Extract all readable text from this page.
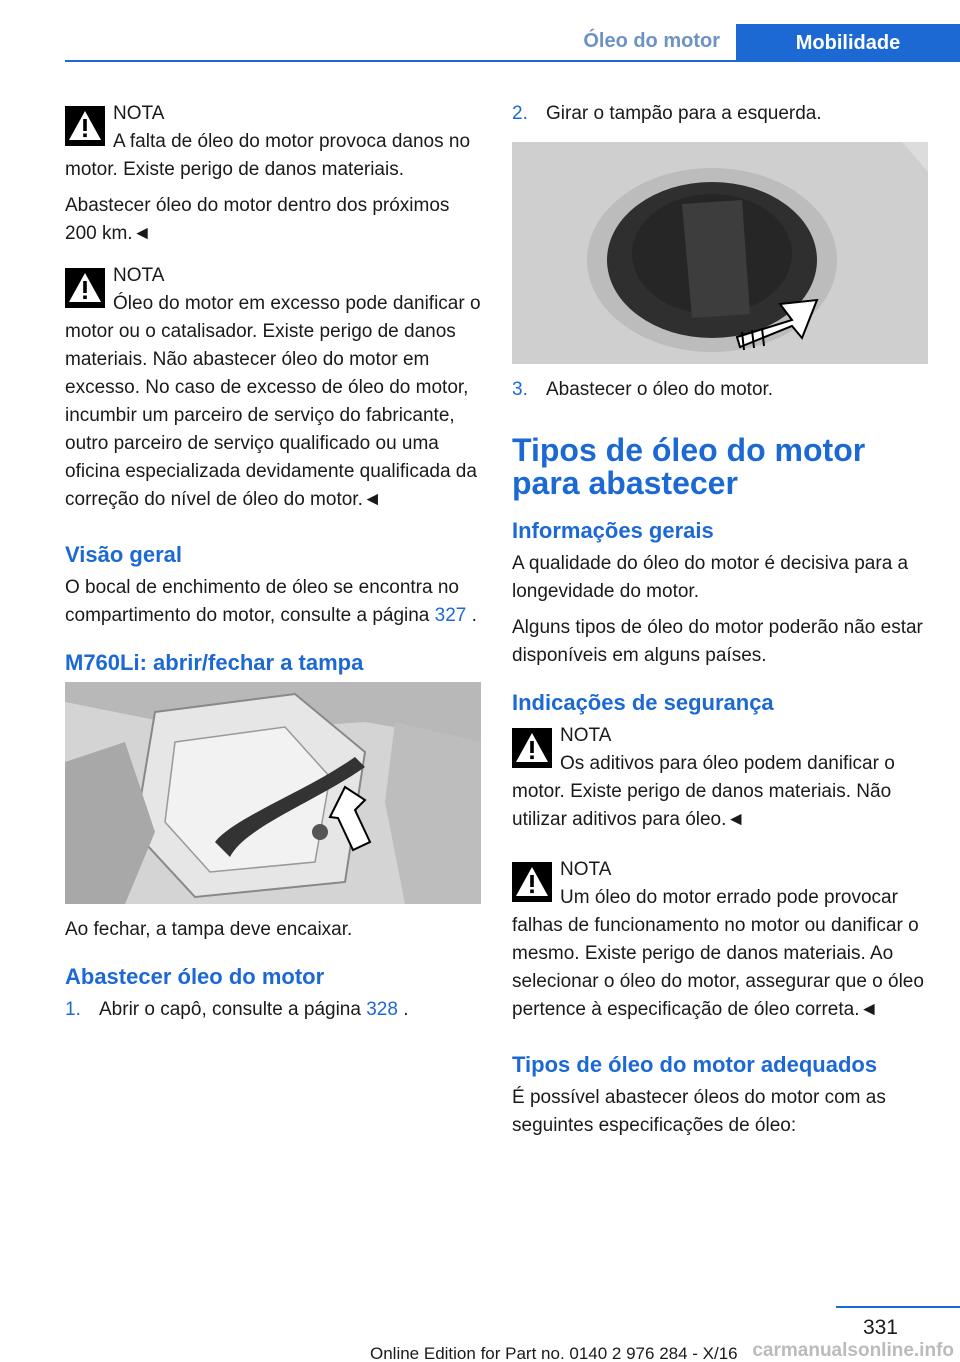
Óleo do motor	Mobilidade
NOTA

A falta de óleo do motor provoca danos no motor. Existe perigo de danos materiais.

Abastecer óleo do motor dentro dos próximos 200 km.◄

NOTA

Óleo do motor em excesso pode danificar o motor ou o catalisador. Existe perigo de danos materiais. Não abastecer óleo do motor em excesso. No caso de excesso de óleo do motor, incumbir um parceiro de serviço do fabricante, outro parceiro de serviço qualificado ou uma oficina especializada devidamente qualificada da correção do nível de óleo do motor.◄

Visão geral

O bocal de enchimento de óleo se encontra no compartimento do motor, consulte a página 327 .

M760Li: abrir/fechar a tampa

Ao fechar, a tampa deve encaixar.

Abastecer óleo do motor
1. Abrir o capô, consulte a página 328 .
2. Girar o tampão para a esquerda.
3. Abastecer o óleo do motor.
Tipos de óleo do motor para abastecer
Informações gerais

A qualidade do óleo do motor é decisiva para a longevidade do motor.

Alguns tipos de óleo do motor poderão não estar disponíveis em alguns países.

Indicações de segurança
NOTA

Os aditivos para óleo podem danificar o motor. Existe perigo de danos materiais. Não utilizar aditivos para óleo.◄

NOTA

Um óleo do motor errado pode provocar falhas de funcionamento no motor ou danificar o mesmo. Existe perigo de danos materiais. Ao selecionar o óleo do motor, assegurar que o óleo pertence à especificação de óleo correta.◄

Tipos de óleo do motor adequados

É possível abastecer óleos do motor com as seguintes especificações de óleo:

331
Online Edition for Part no. 0140 2 976 284 - X/16 carmanualsonline.info
